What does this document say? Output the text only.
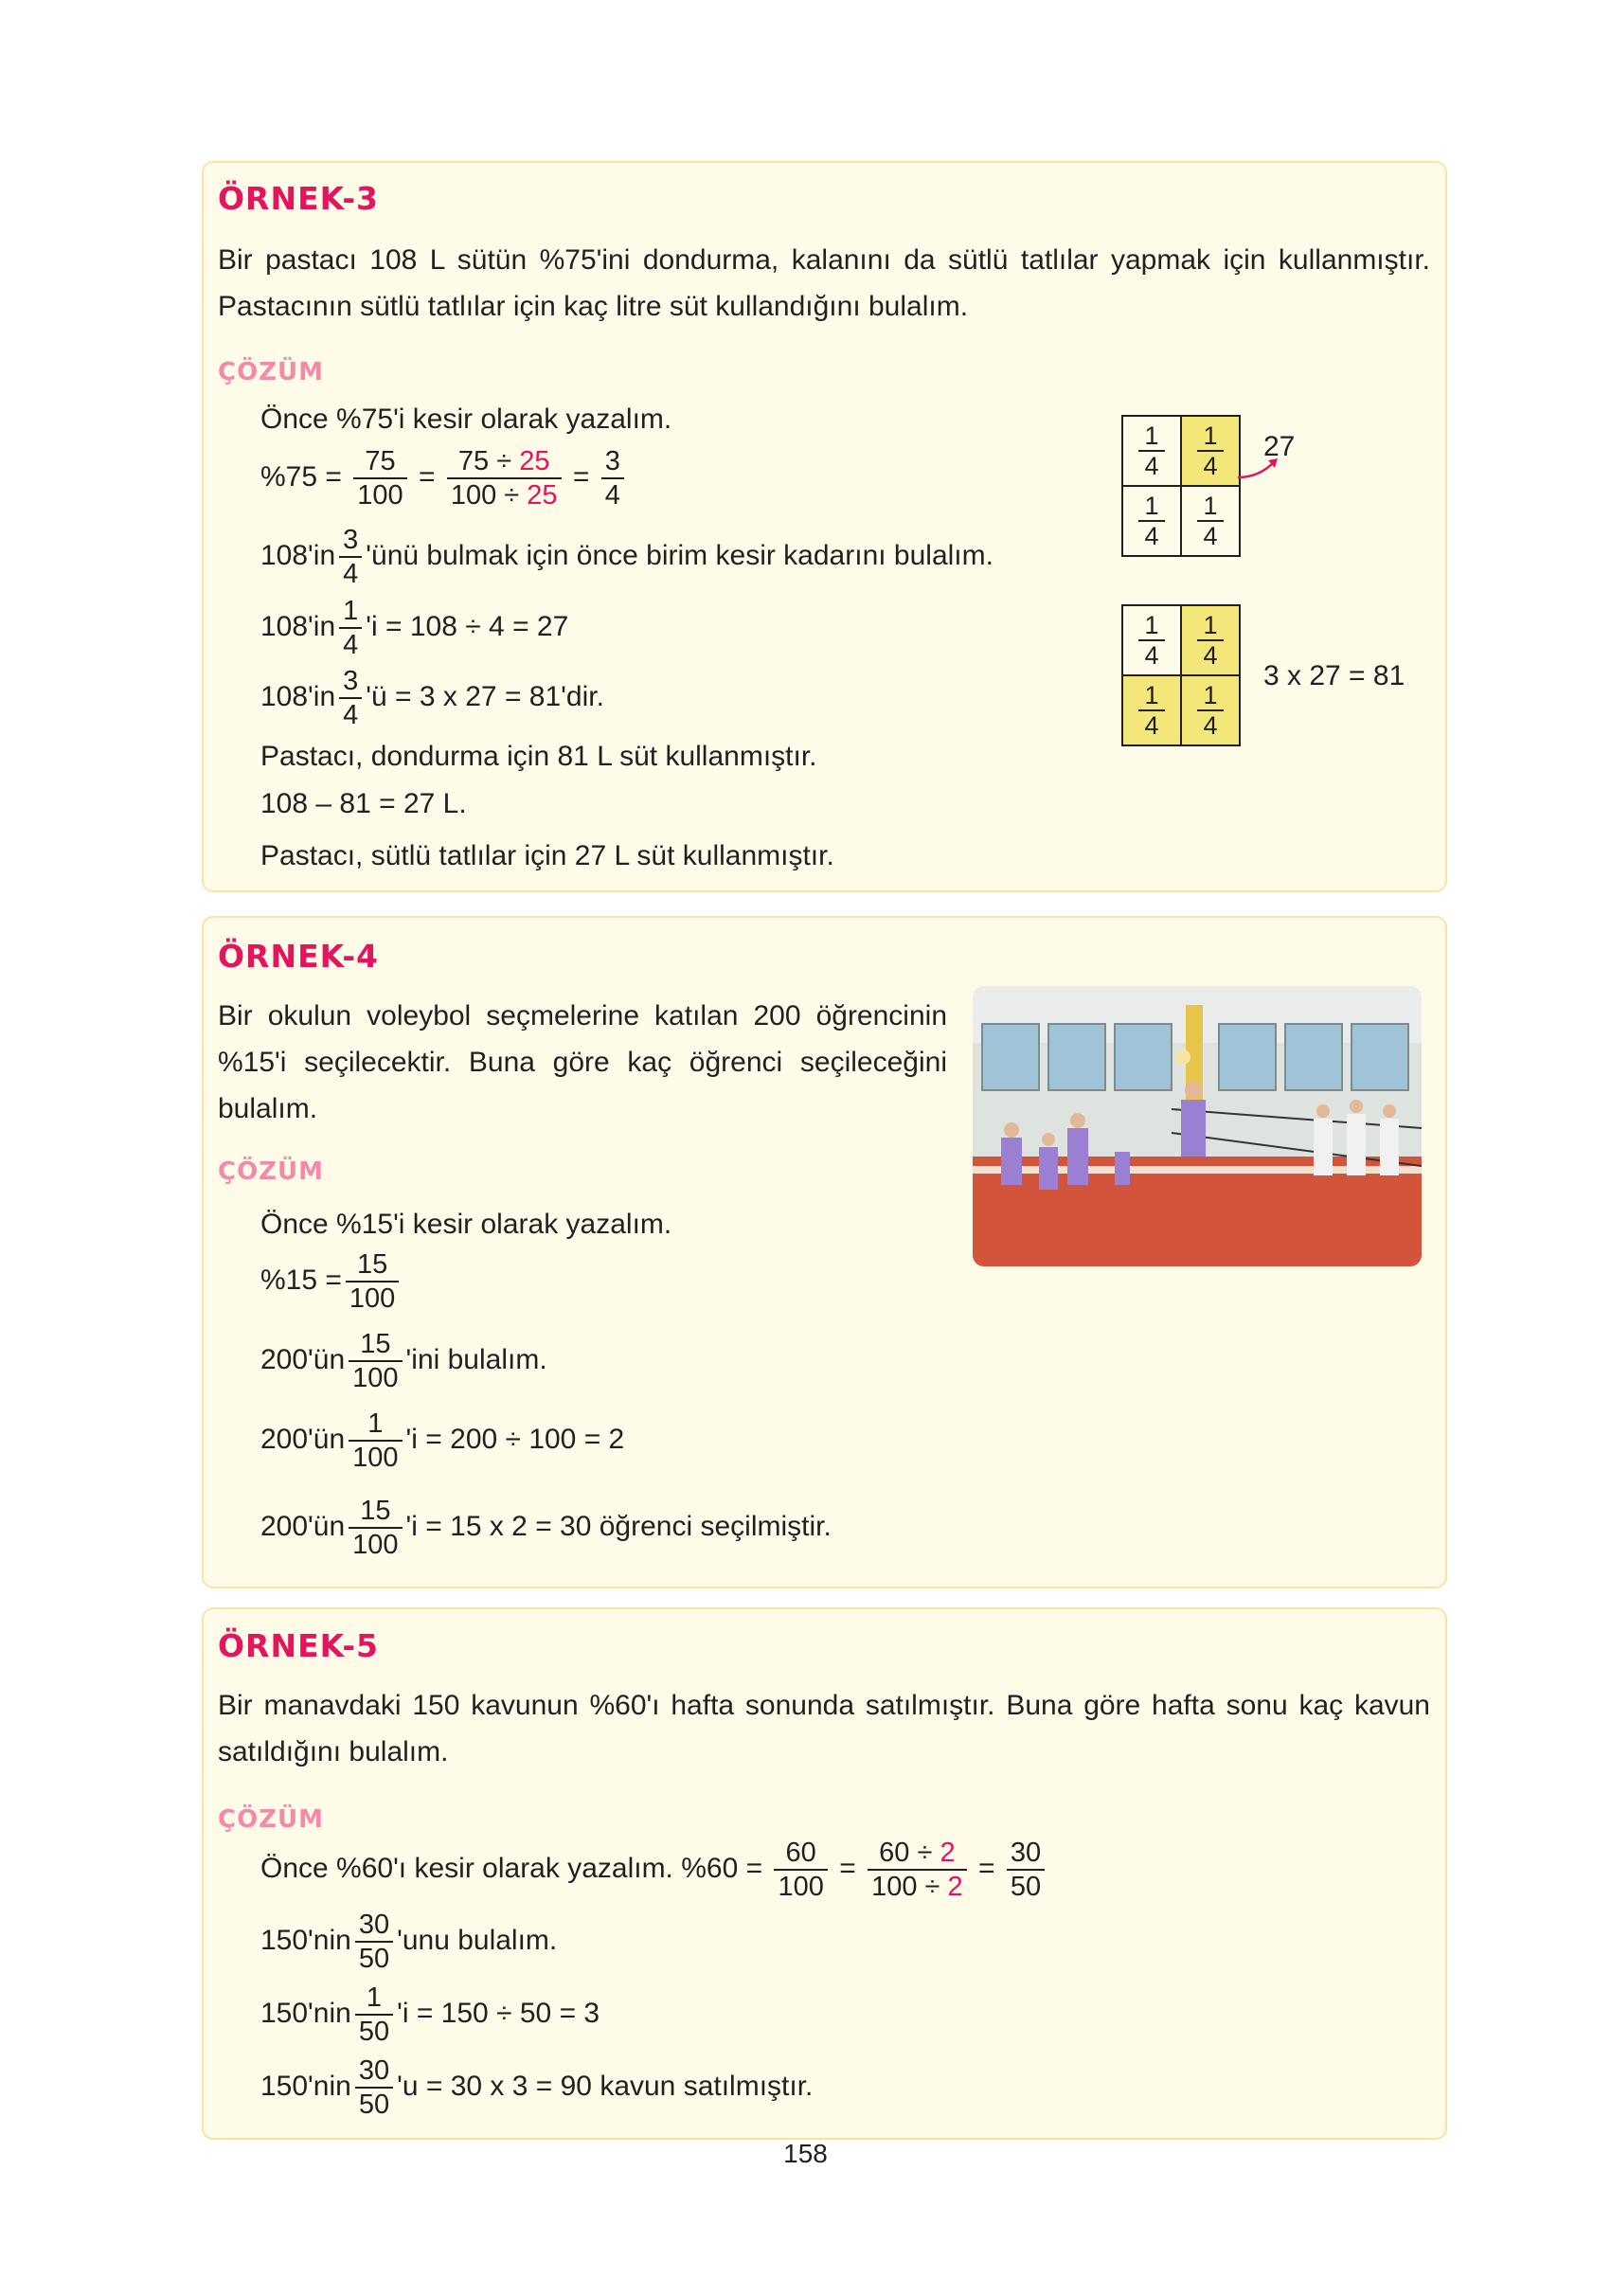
ÖRNEK-3
Bir pastacı 108 L sütün %75'ini dondurma, kalanını da sütlü tatlılar yapmak için kullanmıştır. Pastacının sütlü tatlılar için kaç litre süt kullandığını bulalım.
ÇÖZÜM
Önce %75'i kesir olarak yazalım.
$\%75 = \frac{75}{100} = \frac{75 \div 25}{100 \div 25} = \frac{3}{4}$
$108'in \frac{3}{4}$ 'ünü bulmak için önce birim kesir kadarını bulalım.
$108'in \frac{1}{4}$ 'i = 108 ÷ 4 = 27
$108'in \frac{3}{4}$ 'ü = 3 x 27 = 81'dir.
Pastacı, dondurma için 81 L süt kullanmıştır.
108 – 81 = 27 L.
Pastacı, sütlü tatlılar için 27 L süt kullanmıştır.
$\frac{1}{4}$	$\frac{1}{4}$

$\frac{1}{4}$	$\frac{1}{4}$
27
$\frac{1}{4}$	$\frac{1}{4}$

$\frac{1}{4}$	$\frac{1}{4}$
3 x 27 = 81
ÖRNEK-4
Bir okulun voleybol seçmelerine katılan 200 öğrencinin %15'i seçilecektir. Buna göre kaç öğrenci seçileceğini bulalım.
ÇÖZÜM
Önce %15'i kesir olarak yazalım.
$\%15 = \frac{15}{100}$
200'ün $\frac{15}{100}$ 'ini bulalım.
200'ün $\frac{1}{100}$ 'i = 200 ÷ 100 = 2
200'ün $\frac{15}{100}$ 'i = 15 x 2 = 30 öğrenci seçilmiştir.
ÖRNEK-5
Bir manavdaki 150 kavunun %60'ı hafta sonunda satılmıştır. Buna göre hafta sonu kaç kavun satıldığını bulalım.
ÇÖZÜM
Önce %60'ı kesir olarak yazalım. $\%60 = \frac{60}{100} = \frac{60 \div 2}{100 \div 2} = \frac{30}{50}$
$150'nin \frac{30}{50}$ 'unu bulalım.
$150'nin \frac{1}{50}$ 'i = 150 ÷ 50 = 3
$150'nin \frac{30}{50}$ 'u = 30 x 3 = 90 kavun satılmıştır.
158
